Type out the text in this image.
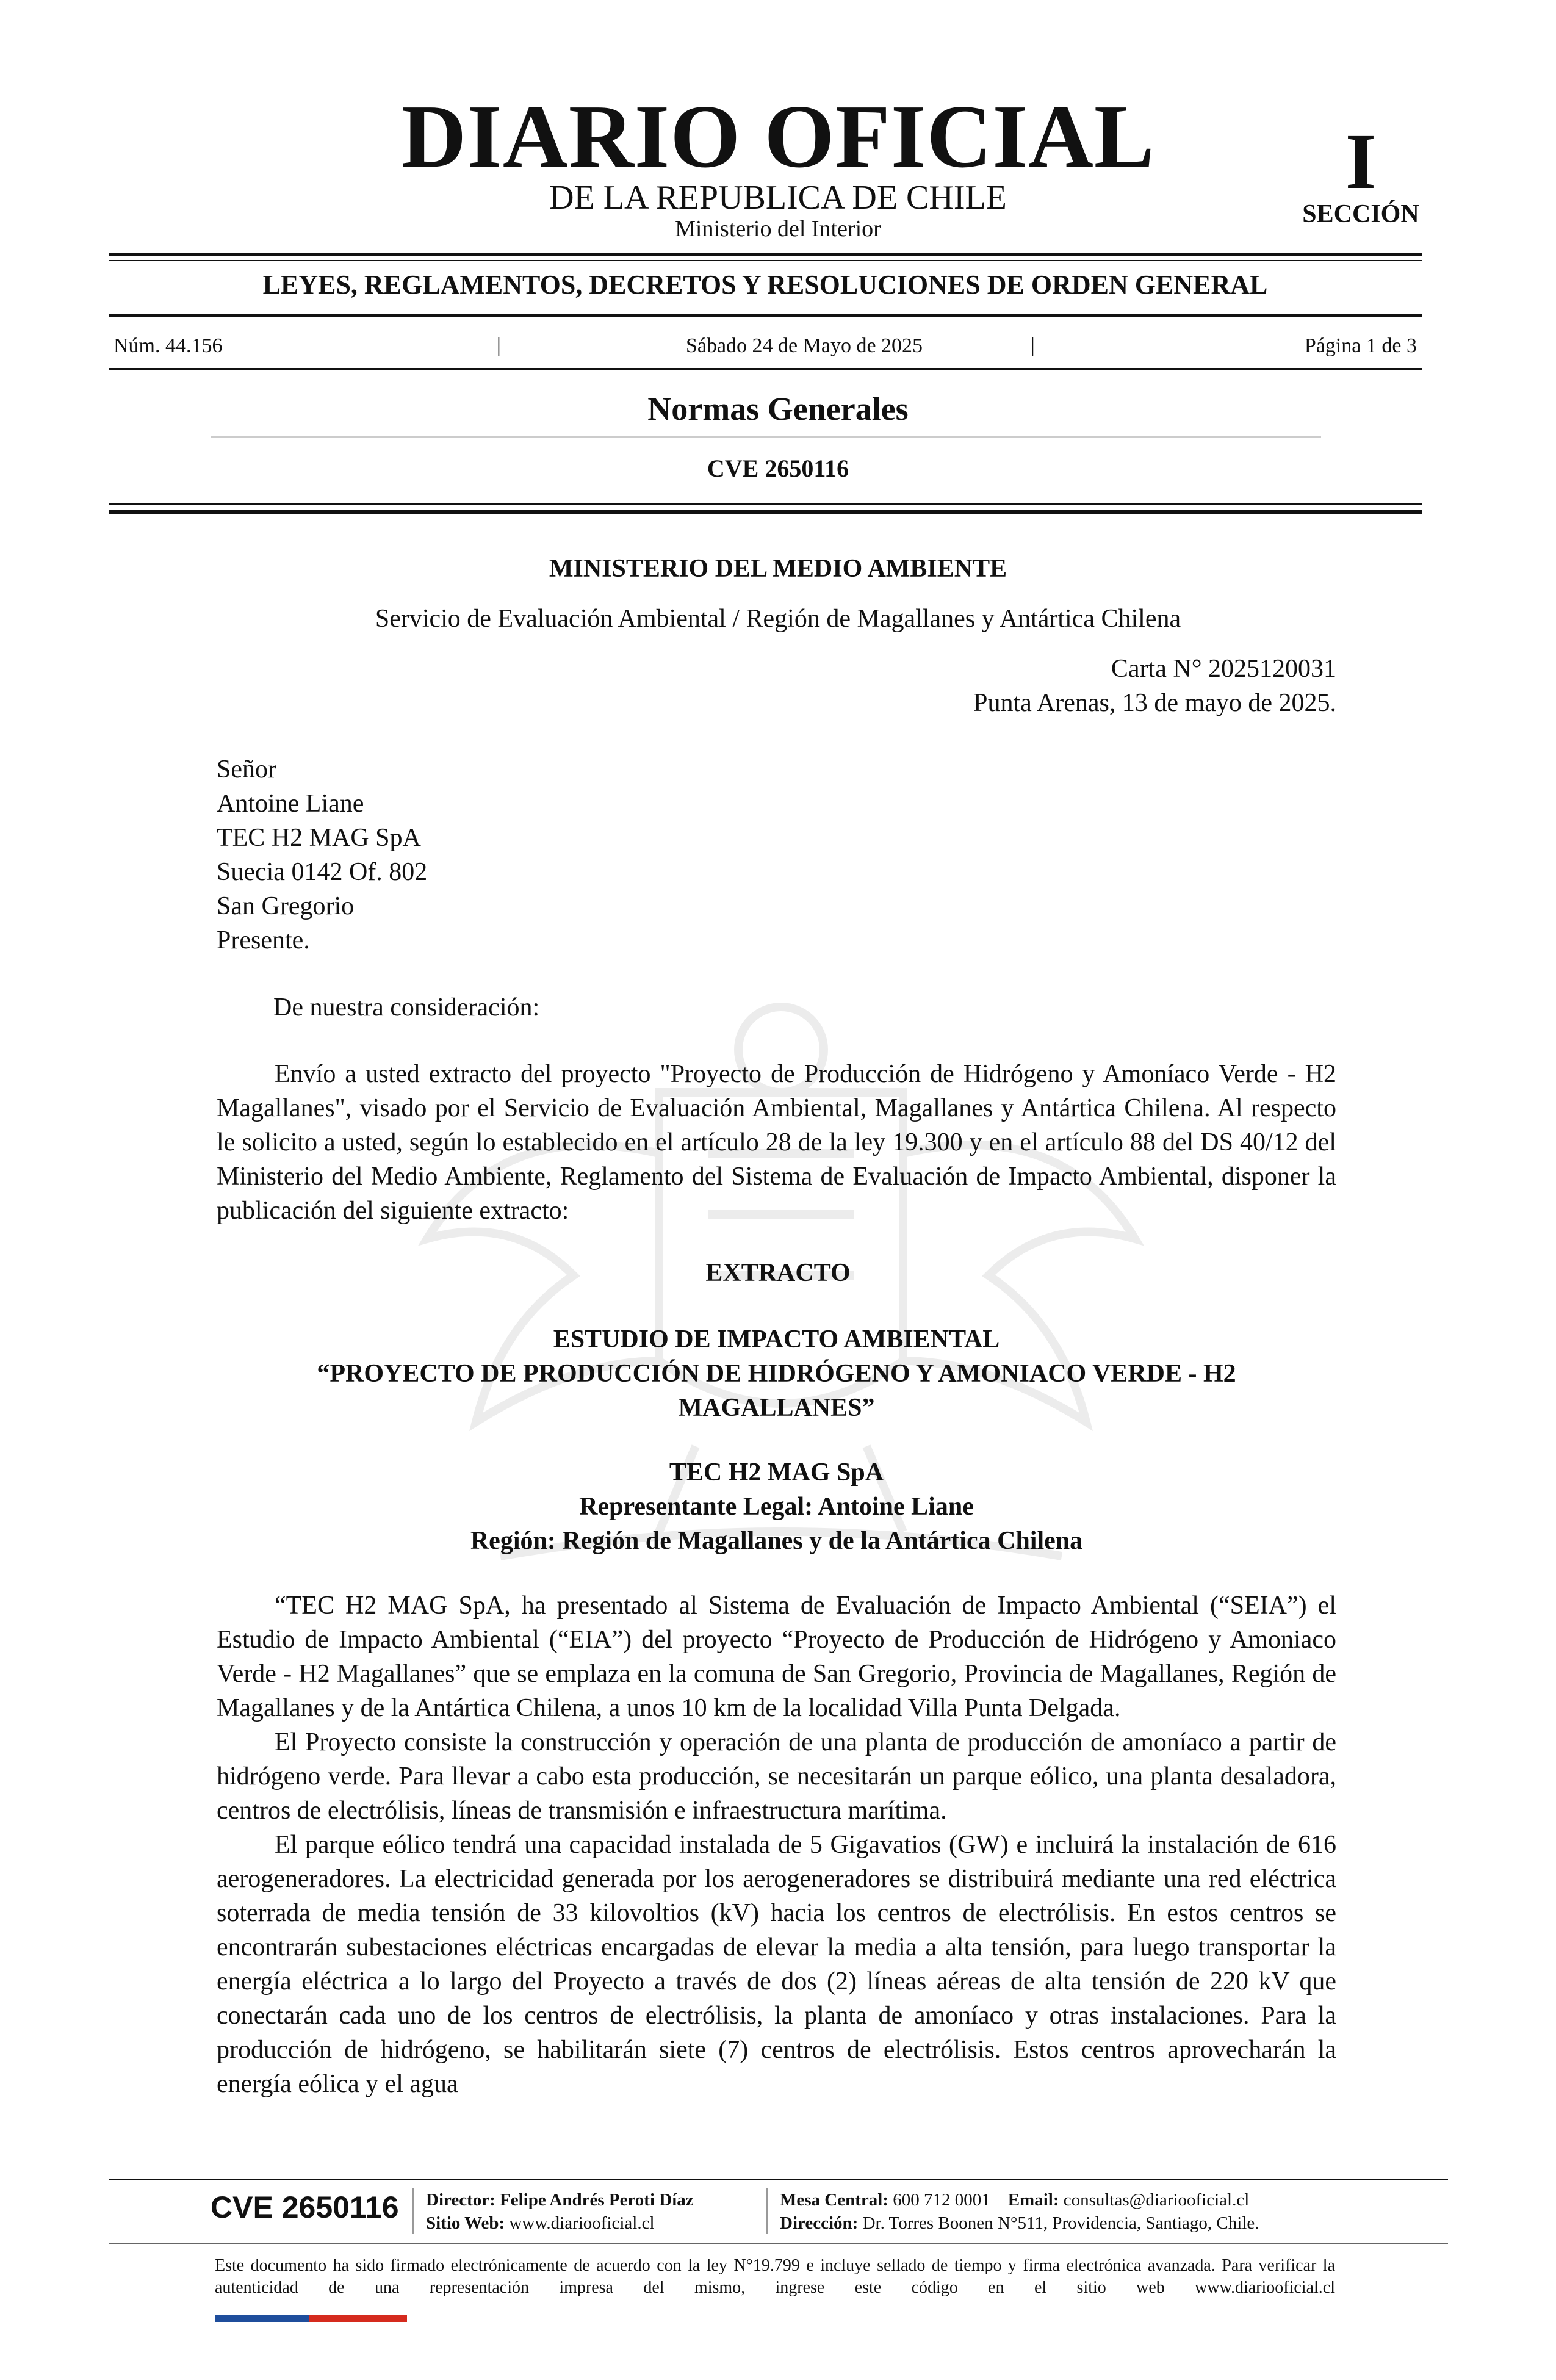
DIARIO OFICIAL
DE LA REPUBLICA DE CHILE
Ministerio del Interior
I
SECCIÓN
LEYES, REGLAMENTOS, DECRETOS Y RESOLUCIONES DE ORDEN GENERAL
Núm. 44.156	|	Sábado 24 de Mayo de 2025	|	Página 1 de 3
Normas Generales
CVE 2650116
MINISTERIO DEL MEDIO AMBIENTE
Servicio de Evaluación Ambiental / Región de Magallanes y Antártica Chilena
Carta N° 2025120031
Punta Arenas, 13 de mayo de 2025.
Señor
Antoine Liane
TEC H2 MAG SpA
Suecia 0142 Of. 802
San Gregorio
Presente.
De nuestra consideración:
Envío a usted extracto del proyecto "Proyecto de Producción de Hidrógeno y Amoníaco Verde - H2 Magallanes", visado por el Servicio de Evaluación Ambiental, Magallanes y Antártica Chilena. Al respecto le solicito a usted, según lo establecido en el artículo 28 de la ley 19.300 y en el artículo 88 del DS 40/12 del Ministerio del Medio Ambiente, Reglamento del Sistema de Evaluación de Impacto Ambiental, disponer la publicación del siguiente extracto:
EXTRACTO
ESTUDIO DE IMPACTO AMBIENTAL
“PROYECTO DE PRODUCCIÓN DE HIDRÓGENO Y AMONIACO VERDE - H2
MAGALLANES”
TEC H2 MAG SpA
Representante Legal: Antoine Liane
Región: Región de Magallanes y de la Antártica Chilena

“TEC H2 MAG SpA, ha presentado al Sistema de Evaluación de Impacto Ambiental (“SEIA”) el Estudio de Impacto Ambiental (“EIA”) del proyecto “Proyecto de Producción de Hidrógeno y Amoniaco Verde - H2 Magallanes” que se emplaza en la comuna de San Gregorio, Provincia de Magallanes, Región de Magallanes y de la Antártica Chilena, a unos 10 km de la localidad Villa Punta Delgada.

El Proyecto consiste la construcción y operación de una planta de producción de amoníaco a partir de hidrógeno verde. Para llevar a cabo esta producción, se necesitarán un parque eólico, una planta desaladora, centros de electrólisis, líneas de transmisión e infraestructura marítima.

El parque eólico tendrá una capacidad instalada de 5 Gigavatios (GW) e incluirá la instalación de 616 aerogeneradores. La electricidad generada por los aerogeneradores se distribuirá mediante una red eléctrica soterrada de media tensión de 33 kilovoltios (kV) hacia los centros de electrólisis. En estos centros se encontrarán subestaciones eléctricas encargadas de elevar la media a alta tensión, para luego transportar la energía eléctrica a lo largo del Proyecto a través de dos (2) líneas aéreas de alta tensión de 220 kV que conectarán cada uno de los centros de electrólisis, la planta de amoníaco y otras instalaciones. Para la producción de hidrógeno, se habilitarán siete (7) centros de electrólisis. Estos centros aprovecharán la energía eólica y el agua

CVE 2650116 Director: Felipe Andrés Peroti Díaz
Sitio Web: www.diariooficial.cl
Mesa Central: 600 712 0001 Email: consultas@diariooficial.cl
Dirección: Dr. Torres Boonen N°511, Providencia, Santiago, Chile.
Este documento ha sido firmado electrónicamente de acuerdo con la ley N°19.799 e incluye sellado de tiempo y firma electrónica avanzada. Para verificar la autenticidad de una representación impresa del mismo, ingrese este código en el sitio web www.diariooficial.cl
